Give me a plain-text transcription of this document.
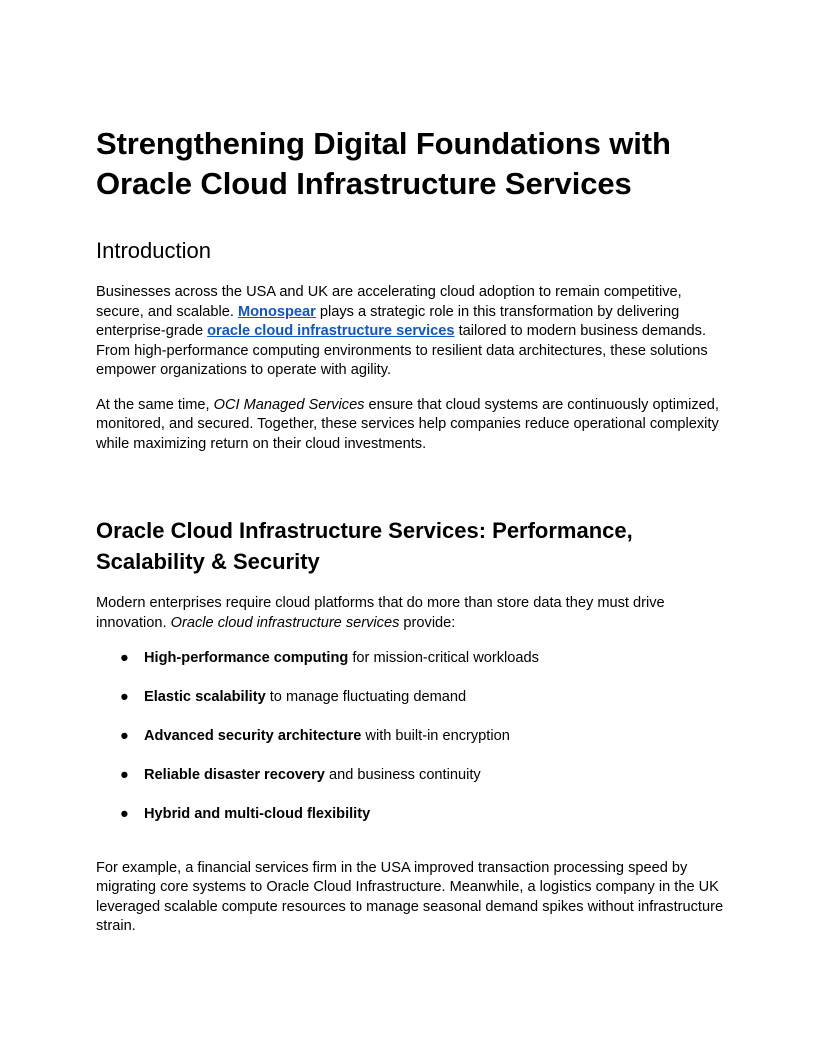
Strengthening Digital Foundations with
Oracle Cloud Infrastructure Services
Introduction

Businesses across the USA and UK are accelerating cloud adoption to remain competitive, secure, and scalable. Monospear plays a strategic role in this transformation by delivering enterprise-grade oracle cloud infrastructure services tailored to modern business demands. From high-performance computing environments to resilient data architectures, these solutions empower organizations to operate with agility.

At the same time, OCI Managed Services ensure that cloud systems are continuously optimized, monitored, and secured. Together, these services help companies reduce operational complexity while maximizing return on their cloud investments.

Oracle Cloud Infrastructure Services: Performance,
Scalability & Security

Modern enterprises require cloud platforms that do more than store data they must drive innovation. Oracle cloud infrastructure services provide:

● High-performance computing for mission-critical workloads
● Elastic scalability to manage fluctuating demand
● Advanced security architecture with built-in encryption
● Reliable disaster recovery and business continuity
● Hybrid and multi-cloud flexibility

For example, a financial services firm in the USA improved transaction processing speed by migrating core systems to Oracle Cloud Infrastructure. Meanwhile, a logistics company in the UK leveraged scalable compute resources to manage seasonal demand spikes without infrastructure strain.
